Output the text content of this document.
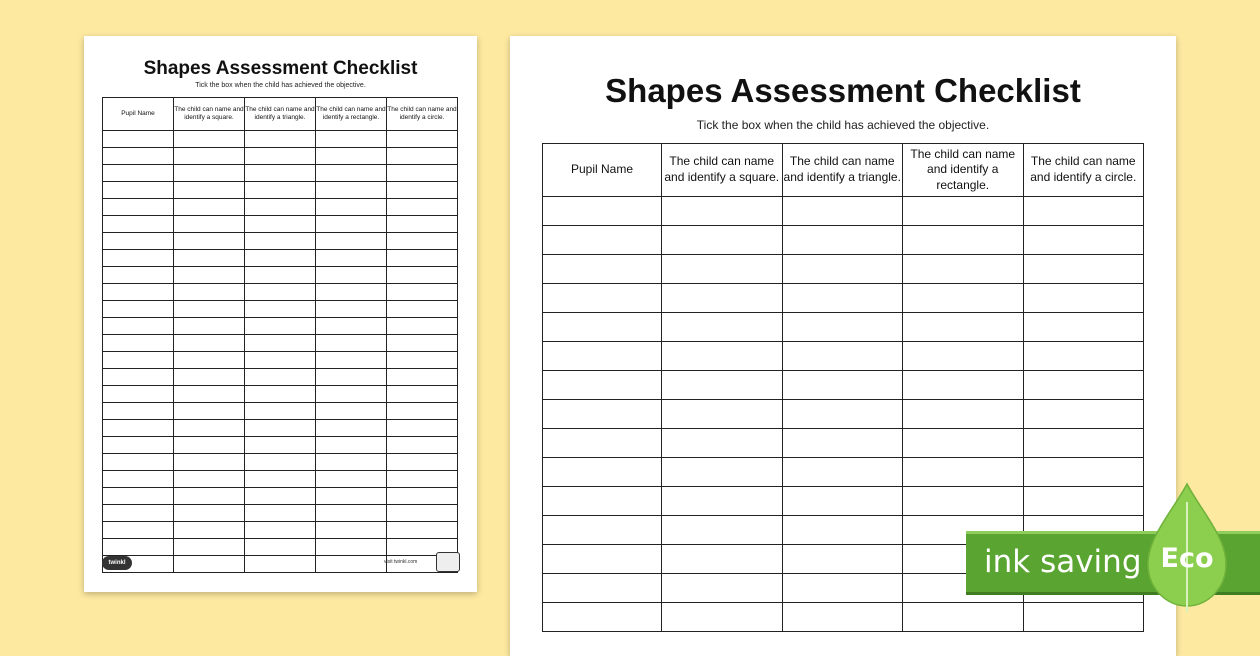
Shapes Assessment Checklist
Tick the box when the child has achieved the objective.
Pupil Name	The child can name and identify a square.	The child can name and identify a triangle.	The child can name and identify a rectangle.	The child can name and identify a circle.

twinkl	visit twinkl.com
Shapes Assessment Checklist
Tick the box when the child has achieved the objective.
Pupil Name	The child can name and identify a square.	The child can name and identify a triangle.	The child can name and identify a rectangle.	The child can name and identify a circle.

ink saving Eco
